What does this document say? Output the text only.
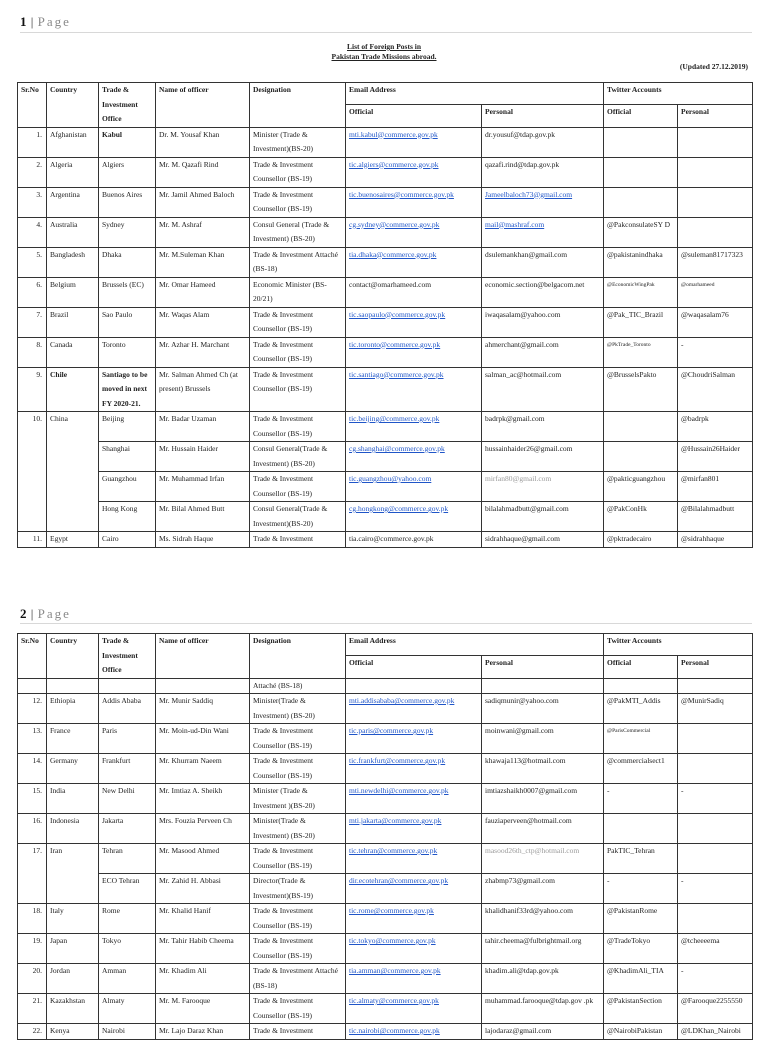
1 | Page
List of Foreign Posts in
Pakistan Trade Missions abroad.
(Updated 27.12.2019)
Sr.No	Country	Trade & Investment Office	Name of officer	Designation	Email Address		Twitter Accounts	
					Official	Personal	Official	Personal
1.	Afghanistan	Kabul	Dr. M. Yousaf Khan	Minister (Trade & Investment)(BS-20)	mti.kabul@commerce.gov.pk	dr.yousuf@tdap.gov.pk		
2.	Algeria	Algiers	Mr. M. Qazafi Rind	Trade & Investment Counsellor (BS-19)	tic.algiers@commerce.gov.pk	qazafi.rind@tdap.gov.pk		
3.	Argentina	Buenos Aires	Mr. Jamil Ahmed Baloch	Trade & Investment Counsellor (BS-19)	tic.buenosaires@commerce.gov.pk	Jameelbaloch73@gmail.com		
4.	Australia	Sydney	Mr. M. Ashraf	Consul General (Trade & Investment) (BS-20)	cg.sydney@commerce.gov.pk	mail@mashraf.com	@PakconsulateSY D	
5.	Bangladesh	Dhaka	Mr. M.Suleman Khan	Trade & Investment Attaché (BS-18)	tia.dhaka@commerce.gov.pk	dsulemankhan@gmail.com	@pakistanindhaka	@suleman81717323
6.	Belgium	Brussels (EC)	Mr. Omar Hameed	Economic Minister (BS-20/21)	contact@omarhameed.com	economic.section@belgacom.net	@EconomicWingPak	@omarhameed
7.	Brazil	Sao Paulo	Mr. Waqas Alam	Trade & Investment Counsellor (BS-19)	tic.saopaulo@commerce.gov.pk	iwaqasalam@yahoo.com	@Pak_TIC_Brazil	@waqasalam76
8.	Canada	Toronto	Mr. Azhar H. Marchant	Trade & Investment Counsellor (BS-19)	tic.toronto@commerce.gov.pk	ahmerchant@gmail.com	@PkTrade_Toronto	-
9.	Chile	Santiago to be moved in next FY 2020-21.	Mr. Salman Ahmed Ch (at present) Brussels	Trade & Investment Counsellor (BS-19)	tic.santiago@commerce.gov.pk	salman_ac@hotmail.com	@BrusselsPakto	@ChoudriSalman
10.	China	Beijing	Mr. Badar Uzaman	Trade & Investment Counsellor (BS-19)	tic.beijing@commerce.gov.pk	badrpk@gmail.com		@badrpk
		Shanghai	Mr. Hussain Haider	Consul General(Trade & Investment) (BS-20)	cg.shanghai@commerce.gov.pk	hussainhaider26@gmail.com		@Hussain26Haider
		Guangzhou	Mr. Muhammad Irfan	Trade & Investment Counsellor (BS-19)	tic.guangzhou@yahoo.com	mirfan80@gmail.com	@pakticguangzhou	@mirfan801
		Hong Kong	Mr. Bilal Ahmed Butt	Consul General(Trade & Investment)(BS-20)	cg.hongkong@commerce.gov.pk	bilalahmadbutt@gmail.com	@PakConHk	@Bilalahmadbutt
11.	Egypt	Cairo	Ms. Sidrah Haque	Trade & Investment	tia.cairo@commerce.gov.pk	sidrahhaque@gmail.com	@pktradecairo	@sidrahhaque
2 | Page
Sr.No	Country	Trade & Investment Office	Name of officer	Designation	Email Address		Twitter Accounts	
					Official	Personal	Official	Personal
				Attaché (BS-18)				
12.	Ethiopia	Addis Ababa	Mr. Munir Saddiq	Minister(Trade & Investment) (BS-20)	mti.addisababa@commerce.gov.pk	sadiqmunir@yahoo.com	@PakMTI_Addis	@MunirSadiq
13.	France	Paris	Mr. Moin-ud-Din Wani	Trade & Investment Counsellor (BS-19)	tic.paris@commerce.gov.pk	moinwani@gmail.com	@ParisCommercial	
14.	Germany	Frankfurt	Mr. Khurram Naeem	Trade & Investment Counsellor (BS-19)	tic.frankfurt@commerce.gov.pk	khawaja113@hotmail.com	@commercialsect1	
15.	India	New Delhi	Mr. Imtiaz A. Sheikh	Minister (Trade & Investment )(BS-20)	mti.newdelhi@commerce.gov.pk	imtiazshaikh0007@gmail.com	-	-
16.	Indonesia	Jakarta	Mrs. Fouzia Perveen Ch	Minister(Trade & Investment) (BS-20)	mti.jakarta@commerce.gov.pk	fauziaperveen@hotmail.com		
17.	Iran	Tehran	Mr. Masood Ahmed	Trade & Investment Counsellor (BS-19)	tic.tehran@commerce.gov.pk	masood26th_ctp@hotmail.com	PakTIC_Tehran	
		ECO Tehran	Mr. Zahid H. Abbasi	Director(Trade & Investment)(BS-19)	dir.ecotehran@commerce.gov.pk	zhabmp73@gmail.com	-	-
18.	Italy	Rome	Mr. Khalid Hanif	Trade & Investment Counsellor (BS-19)	tic.rome@commerce.gov.pk	khalidhanif33rd@yahoo.com	@PakistanRome	
19.	Japan	Tokyo	Mr. Tahir Habib Cheema	Trade & Investment Counsellor (BS-19)	tic.tokyo@commerce.gov.pk	tahir.cheema@fulbrightmail.org	@TradeTokyo	@tcheeeema
20.	Jordan	Amman	Mr. Khadim Ali	Trade & Investment Attaché (BS-18)	tia.amman@commerce.gov.pk	khadim.ali@tdap.gov.pk	@KhadimAli_TIA	-
21.	Kazakhstan	Almaty	Mr. M. Farooque	Trade & Investment Counsellor (BS-19)	tic.almaty@commerce.gov.pk	muhammad.farooque@tdap.gov .pk	@PakistanSection	@Farooque2255550
22.	Kenya	Nairobi	Mr. Lajo Daraz Khan	Trade & Investment	tic.nairobi@commerce.gov.pk	lajodaraz@gmail.com	@NairobiPakistan	@LDKhan_Nairobi
